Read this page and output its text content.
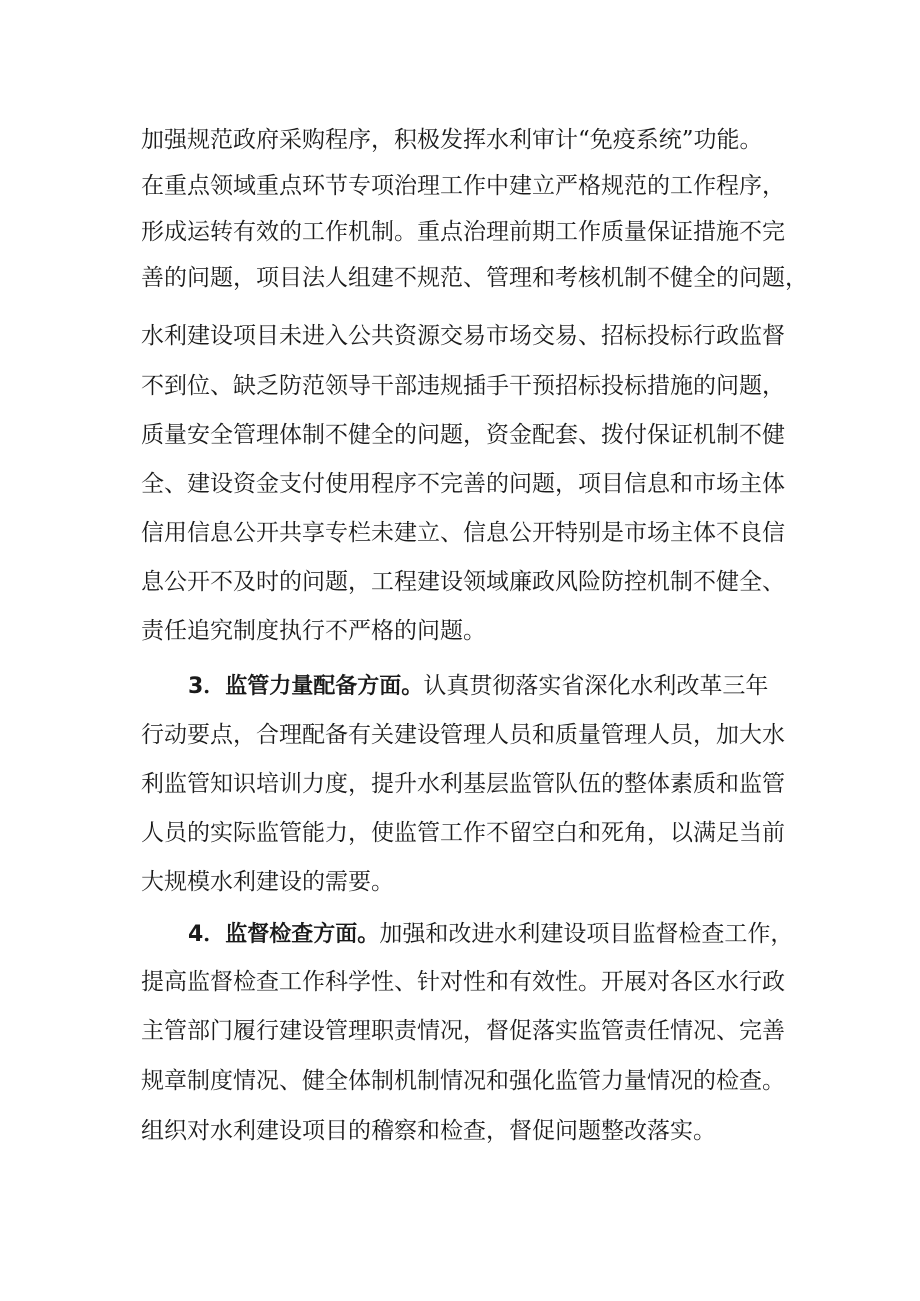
加强规范政府采购程序，积极发挥水利审计“免疫系统”功能。
在重点领域重点环节专项治理工作中建立严格规范的工作程序，
形成运转有效的工作机制。重点治理前期工作质量保证措施不完
善的问题，项目法人组建不规范、管理和考核机制不健全的问题，
水利建设项目未进入公共资源交易市场交易、招标投标行政监督
不到位、缺乏防范领导干部违规插手干预招标投标措施的问题，
质量安全管理体制不健全的问题，资金配套、拨付保证机制不健
全、建设资金支付使用程序不完善的问题，项目信息和市场主体
信用信息公开共享专栏未建立、信息公开特别是市场主体不良信
息公开不及时的问题，工程建设领域廉政风险防控机制不健全、
责任追究制度执行不严格的问题。
3．监管力量配备方面。认真贯彻落实省深化水利改革三年
行动要点，合理配备有关建设管理人员和质量管理人员，加大水
利监管知识培训力度，提升水利基层监管队伍的整体素质和监管
人员的实际监管能力，使监管工作不留空白和死角，以满足当前
大规模水利建设的需要。
4．监督检查方面。加强和改进水利建设项目监督检查工作，
提高监督检查工作科学性、针对性和有效性。开展对各区水行政
主管部门履行建设管理职责情况，督促落实监管责任情况、完善
规章制度情况、健全体制机制情况和强化监管力量情况的检查。
组织对水利建设项目的稽察和检查，督促问题整改落实。
